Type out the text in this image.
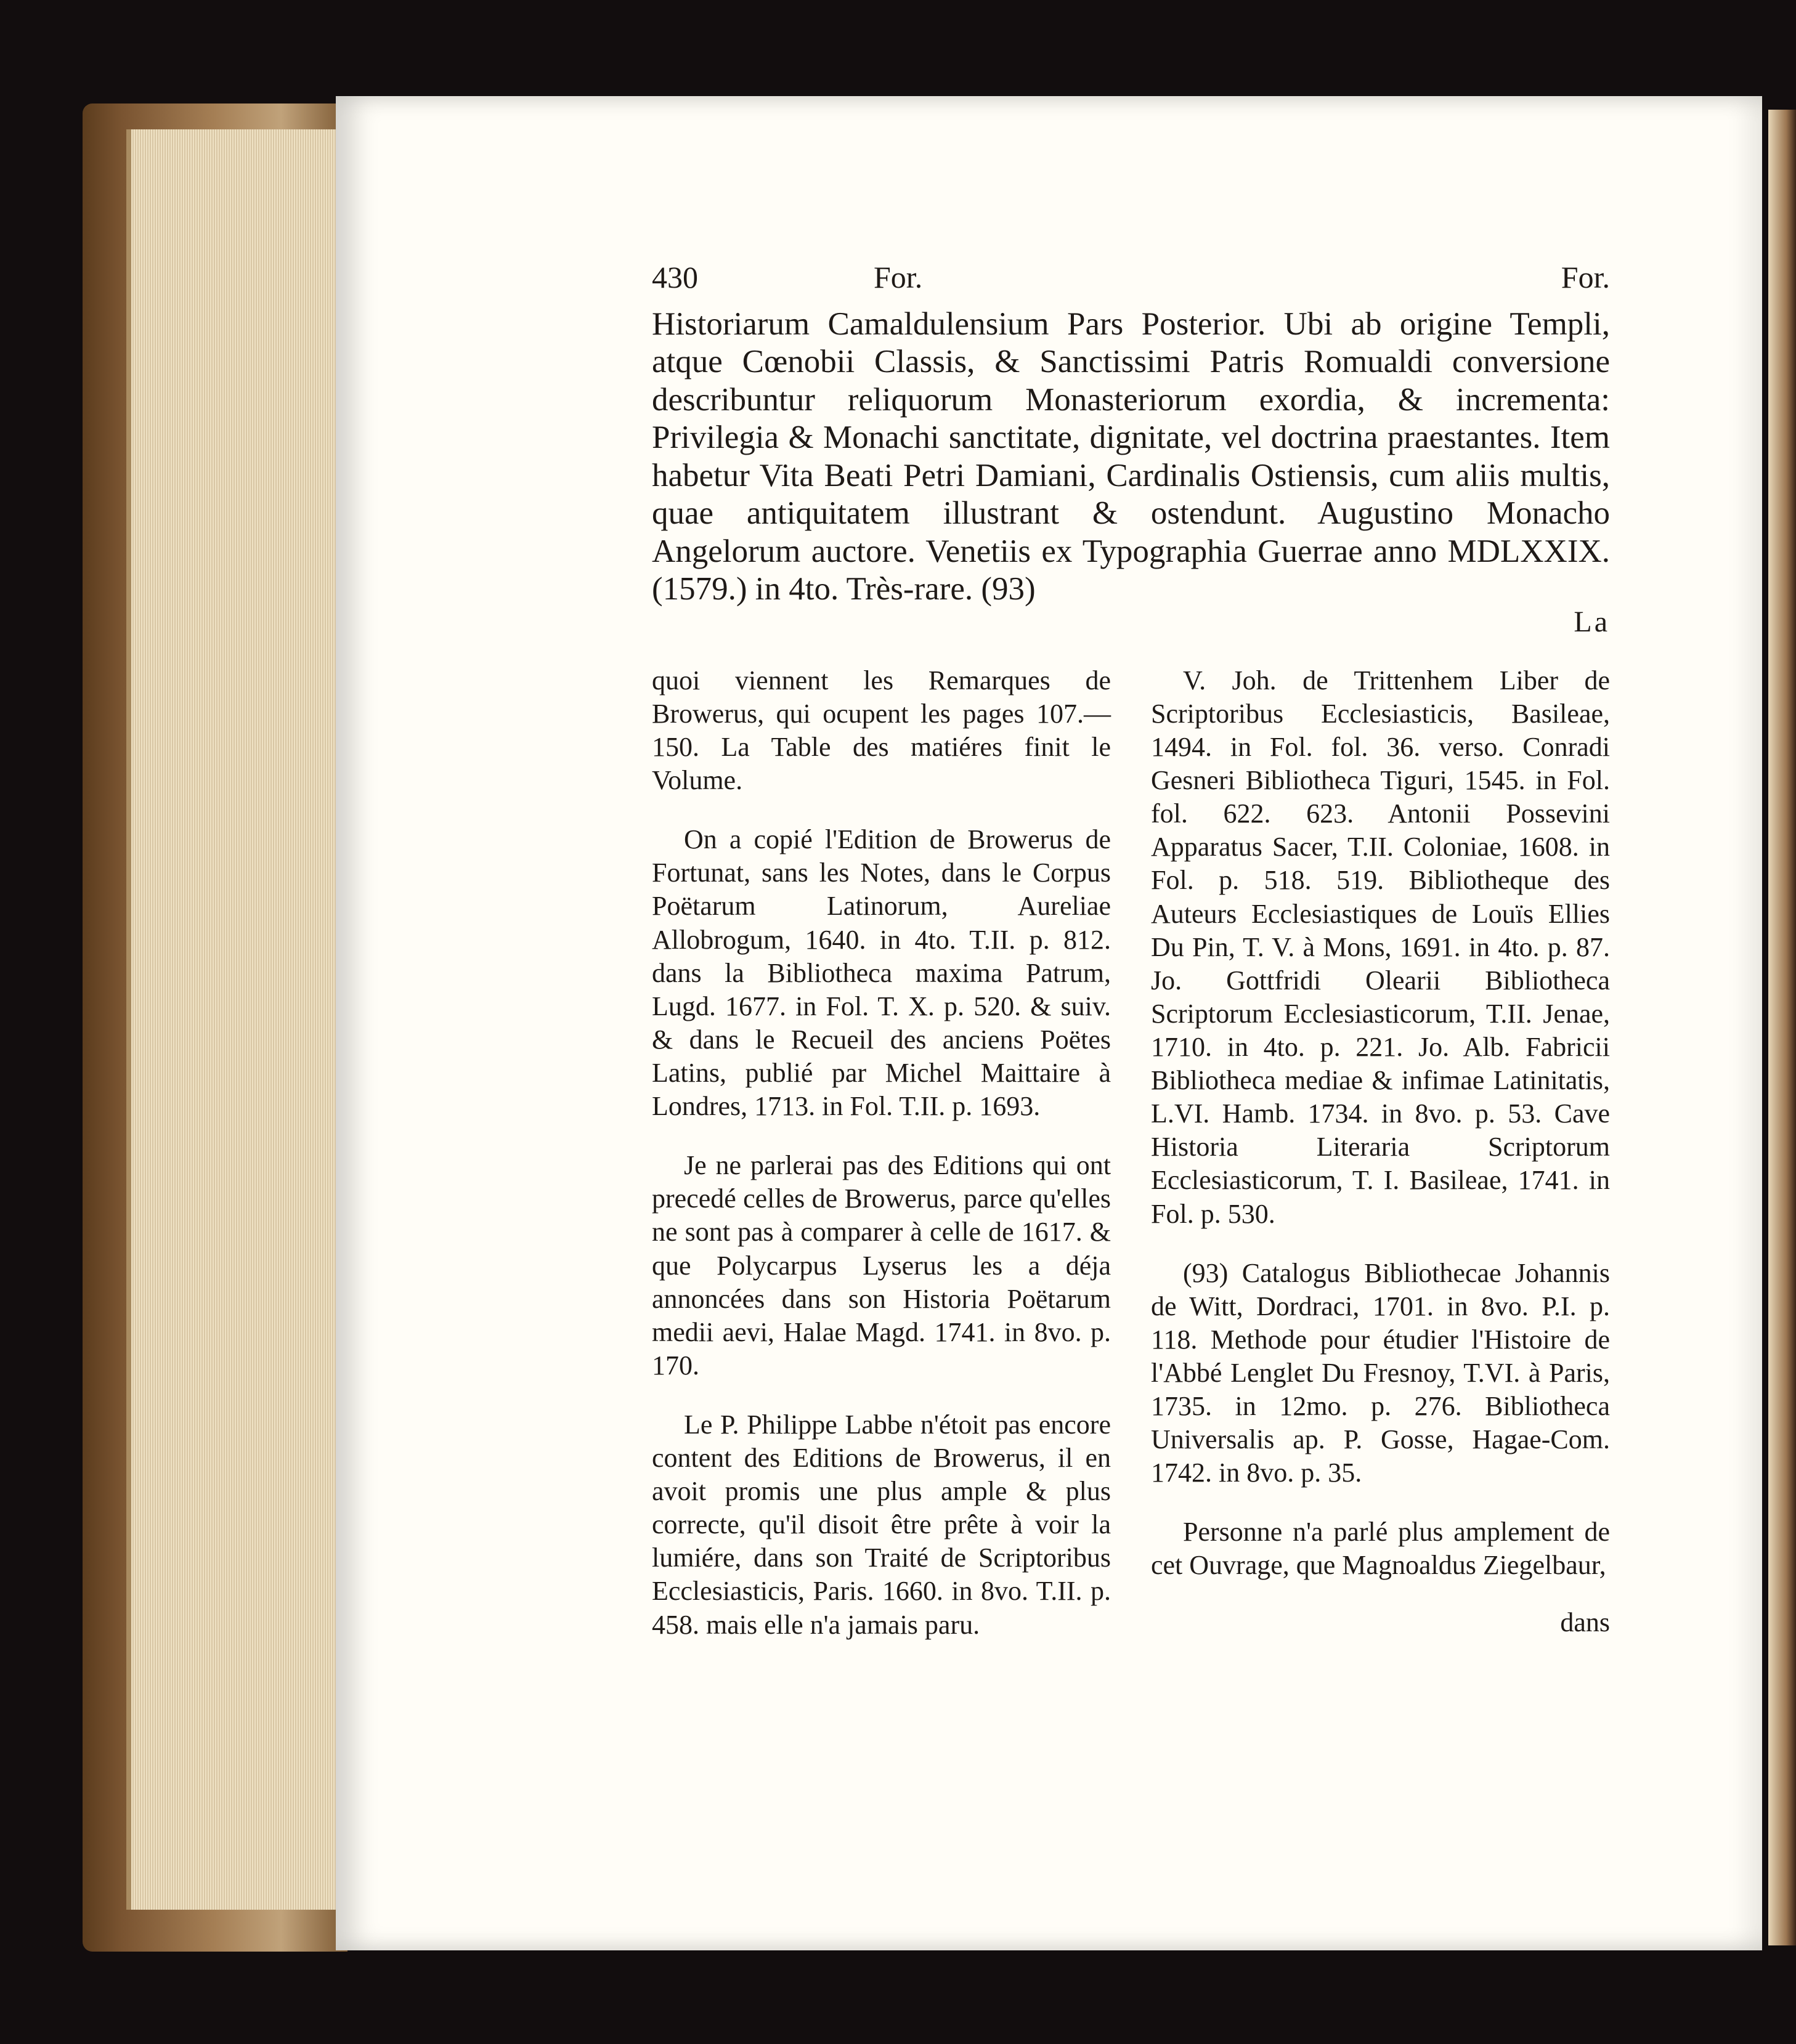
430	For.	For.
Historiarum Camaldulensium Pars Posterior. Ubi ab origine Templi, atque Cœnobii Classis, & Sanctissimi Patris Romualdi conversione describuntur reliquorum Monasteriorum exordia, & incrementa: Privilegia & Monachi sanctitate, dignitate, vel doctrina praestantes. Item habetur Vita Beati Petri Damiani, Cardinalis Ostiensis, cum aliis multis, quae antiquitatem illustrant & ostendunt. Augustino Monacho Angelorum auctore. Venetiis ex Typographia Guerrae anno MDLXXIX. (1579.) in 4to. Très-rare. (93)
La

quoi viennent les Remarques de Browerus, qui ocupent les pages 107.—150. La Table des matiéres finit le Volume.

On a copié l'Edition de Browerus de Fortunat, sans les Notes, dans le Corpus Poëtarum Latinorum, Aureliae Allobrogum, 1640. in 4to. T.II. p. 812. dans la Bibliotheca maxima Patrum, Lugd. 1677. in Fol. T. X. p. 520. & suiv. & dans le Recueil des anciens Poëtes Latins, publié par Michel Maittaire à Londres, 1713. in Fol. T.II. p. 1693.

Je ne parlerai pas des Editions qui ont precedé celles de Browerus, parce qu'elles ne sont pas à comparer à celle de 1617. & que Polycarpus Lyserus les a déja annoncées dans son Historia Poëtarum medii aevi, Halae Magd. 1741. in 8vo. p. 170.

Le P. Philippe Labbe n'étoit pas encore content des Editions de Browerus, il en avoit promis une plus ample & plus correcte, qu'il disoit être prête à voir la lumiére, dans son Traité de Scriptoribus Ecclesiasticis, Paris. 1660. in 8vo. T.II. p. 458. mais elle n'a jamais paru.

V. Joh. de Trittenhem Liber de Scriptoribus Ecclesiasticis, Basileae, 1494. in Fol. fol. 36. verso. Conradi Gesneri Bibliotheca Tiguri, 1545. in Fol. fol. 622. 623. Antonii Possevini Apparatus Sacer, T.II. Coloniae, 1608. in Fol. p. 518. 519. Bibliotheque des Auteurs Ecclesiastiques de Louïs Ellies Du Pin, T. V. à Mons, 1691. in 4to. p. 87. Jo. Gottfridi Olearii Bibliotheca Scriptorum Ecclesiasticorum, T.II. Jenae, 1710. in 4to. p. 221. Jo. Alb. Fabricii Bibliotheca mediae & infimae Latinitatis, L.VI. Hamb. 1734. in 8vo. p. 53. Cave Historia Literaria Scriptorum Ecclesiasticorum, T. I. Basileae, 1741. in Fol. p. 530.

(93) Catalogus Bibliothecae Johannis de Witt, Dordraci, 1701. in 8vo. P.I. p. 118. Methode pour étudier l'Histoire de l'Abbé Lenglet Du Fresnoy, T.VI. à Paris, 1735. in 12mo. p. 276. Bibliotheca Universalis ap. P. Gosse, Hagae-Com. 1742. in 8vo. p. 35.

Personne n'a parlé plus amplement de cet Ouvrage, que Magnoaldus Ziegelbaur,

dans
